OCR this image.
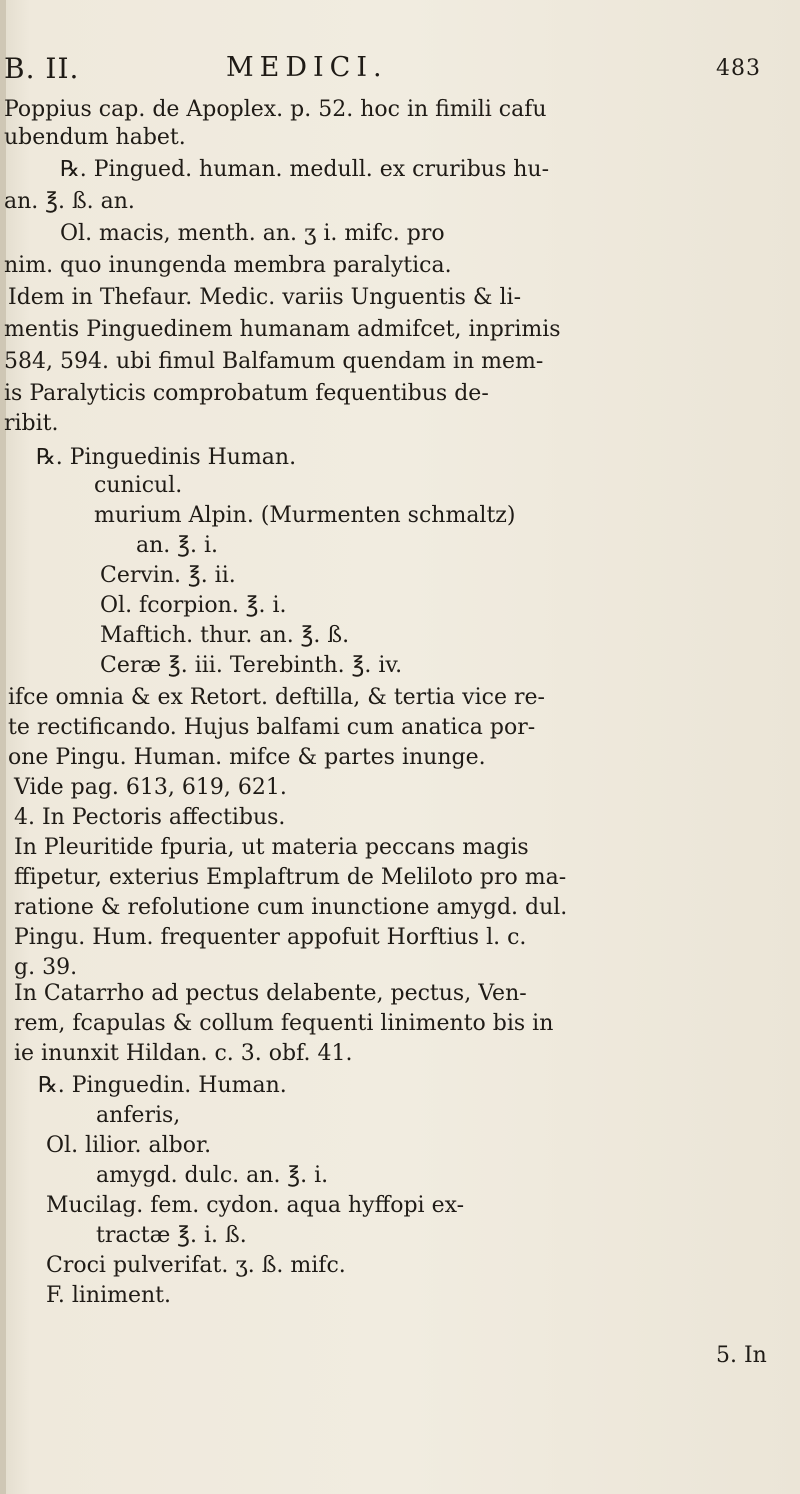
B. II.	MEDICI.	483
Poppius cap. de Apoplex. p. 52. hoc in fimili cafu
ubendum habet.
℞. Pingued. human. medull. ex cruribus hu-
an. ℥. ß. an.
Ol. macis, menth. an. ʒ i. mifc. pro
nim. quo inungenda membra paralytica.
Idem in Thefaur. Medic. variis Unguentis & li-
mentis Pinguedinem humanam admifcet, inprimis
584, 594. ubi fimul Balfamum quendam in mem-
is Paralyticis comprobatum fequentibus de-
ribit.
℞. Pinguedinis Human.
cunicul.
murium Alpin. (Murmenten schmaltz)
an. ℥. i.
Cervin. ℥. ii.
Ol. fcorpion. ℥. i.
Maftich. thur. an. ℥. ß.
Ceræ ℥. iii. Terebinth. ℥. iv.
ifce omnia & ex Retort. deftilla, & tertia vice re-
te rectificando. Hujus balfami cum anatica por-
one Pingu. Human. mifce & partes inunge.
Vide pag. 613, 619, 621.
4. In Pectoris affectibus.
In Pleuritide fpuria, ut materia peccans magis
ffipetur, exterius Emplaftrum de Meliloto pro ma-
ratione & refolutione cum inunctione amygd. dul.
Pingu. Hum. frequenter appofuit Horftius l. c.
g. 39.
In Catarrho ad pectus delabente, pectus, Ven-
rem, fcapulas & collum fequenti linimento bis in
ie inunxit Hildan. c. 3. obf. 41.
℞. Pinguedin. Human.
anferis,
Ol. lilior. albor.
amygd. dulc. an. ℥. i.
Mucilag. fem. cydon. aqua hyffopi ex-
tractæ ℥. i. ß.
Croci pulverifat. ʒ. ß. mifc.
F. liniment.
5. In
